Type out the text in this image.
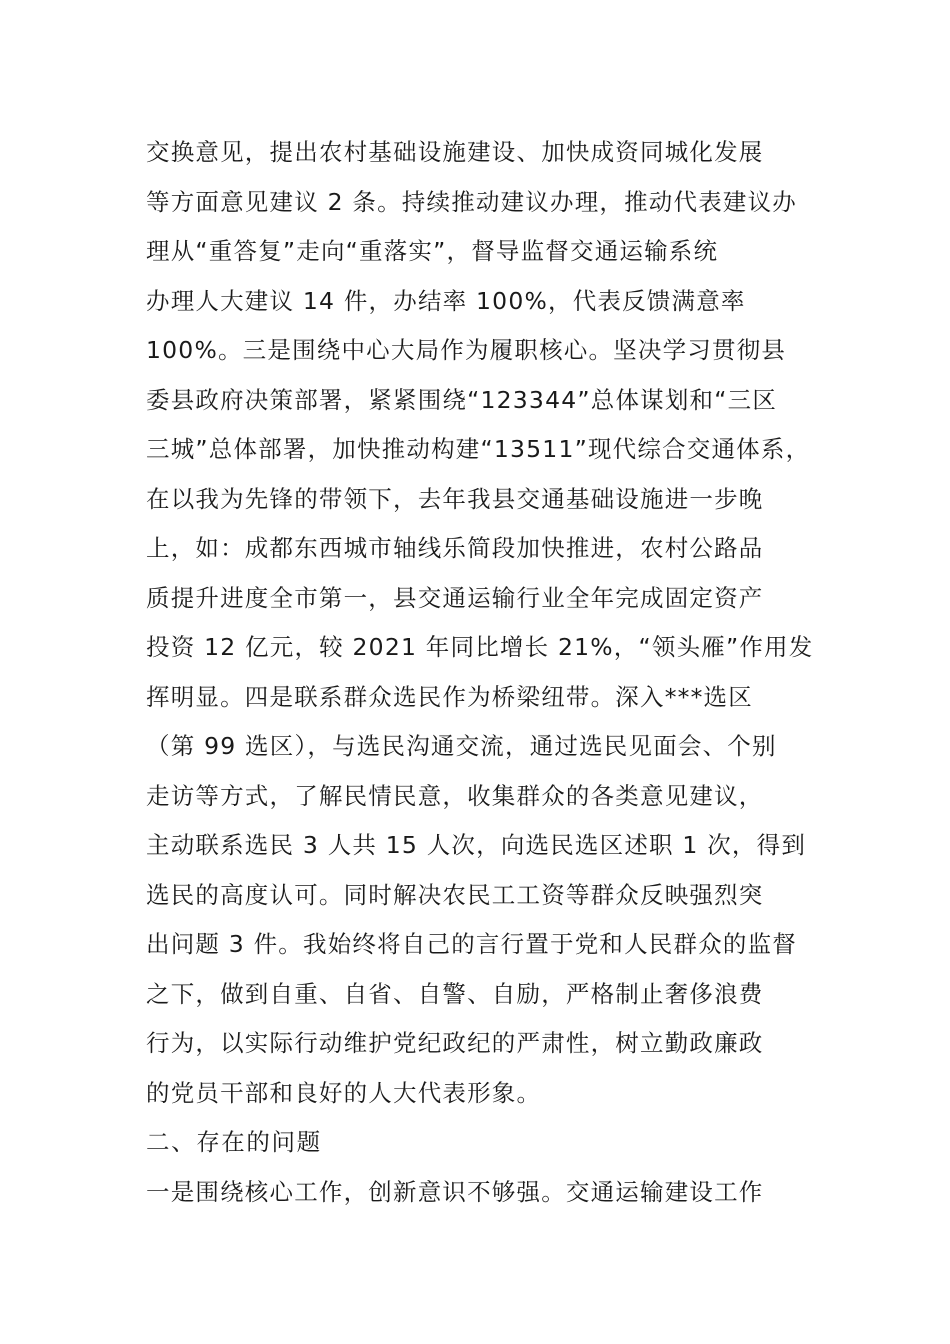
交换意见，提出农村基础设施建设、加快成资同城化发展
等方面意见建议 2 条。持续推动建议办理，推动代表建议办
理从“重答复”走向“重落实”，督导监督交通运输系统
办理人大建议 14 件，办结率 100%，代表反馈满意率
100%。三是围绕中心大局作为履职核心。坚决学习贯彻县
委县政府决策部署，紧紧围绕“123344”总体谋划和“三区
三城”总体部署，加快推动构建“13511”现代综合交通体系，
在以我为先锋的带领下，去年我县交通基础设施进一步晚
上，如：成都东西城市轴线乐简段加快推进，农村公路品
质提升进度全市第一，县交通运输行业全年完成固定资产
投资 12 亿元，较 2021 年同比增长 21%，“领头雁”作用发
挥明显。四是联系群众选民作为桥梁纽带。深入***选区
（第 99 选区），与选民沟通交流，通过选民见面会、个别
走访等方式，了解民情民意，收集群众的各类意见建议，
主动联系选民 3 人共 15 人次，向选民选区述职 1 次，得到
选民的高度认可。同时解决农民工工资等群众反映强烈突
出问题 3 件。我始终将自己的言行置于党和人民群众的监督
之下，做到自重、自省、自警、自励，严格制止奢侈浪费
行为，以实际行动维护党纪政纪的严肃性，树立勤政廉政
的党员干部和良好的人大代表形象。
二、存在的问题
一是围绕核心工作，创新意识不够强。交通运输建设工作
